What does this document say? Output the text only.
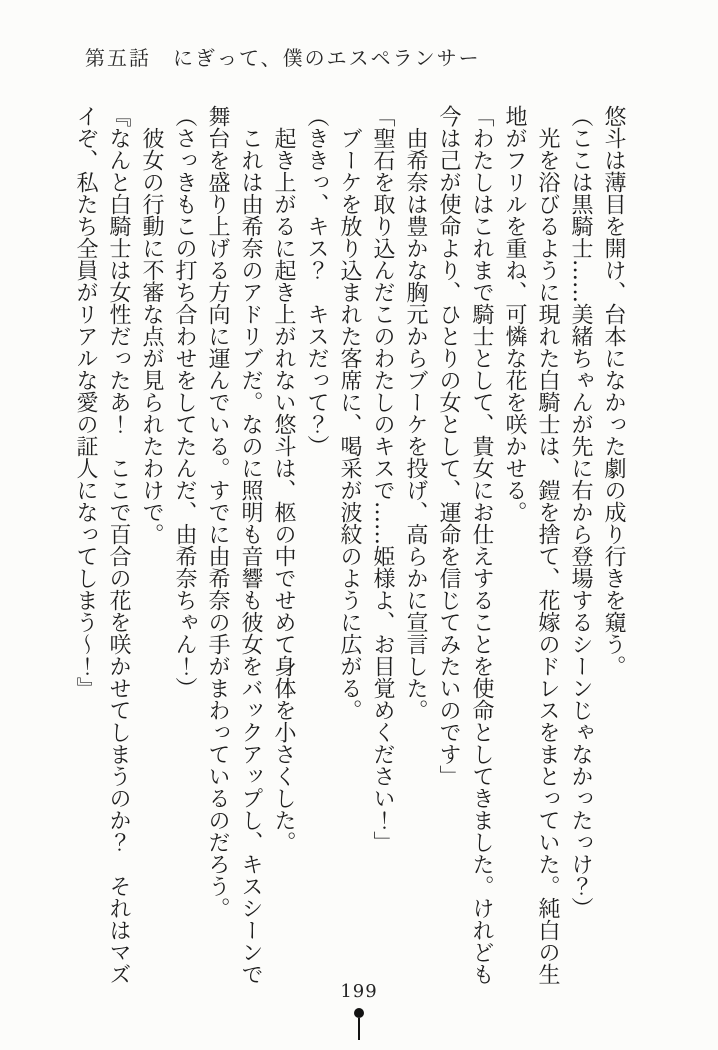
第五話　にぎって、僕のエスペランサー

悠斗は薄目を開け、台本になかった劇の成り行きを窺う。

（ここは黒騎士……美緒ちゃんが先に右から登場するシーンじゃなかったっけ？）

光を浴びるように現れた白騎士は、鎧を捨て、花嫁のドレスをまとっていた。純白の生地がフリルを重ね、可憐な花を咲かせる。

「わたしはこれまで騎士として、貴女にお仕えすることを使命としてきました。けれども今は己が使命より、ひとりの女として、運命を信じてみたいのです」

由希奈は豊かな胸元からブーケを投げ、高らかに宣言した。

「聖石を取り込んだこのわたしのキスで……姫様よ、お目覚めください！」

ブーケを放り込まれた客席に、喝采が波紋のように広がる。

（ききっ、キス？　キスだって？）

起き上がるに起き上がれない悠斗は、柩の中でせめて身体を小さくした。

これは由希奈のアドリブだ。なのに照明も音響も彼女をバックアップし、キスシーンで舞台を盛り上げる方向に運んでいる。すでに由希奈の手がまわっているのだろう。

（さっきもこの打ち合わせをしてたんだ、由希奈ちゃん！）

彼女の行動に不審な点が見られたわけで。

『なんと白騎士は女性だったあ！　ここで百合の花を咲かせてしまうのか？　それはマズイぞ、私たち全員がリアルな愛の証人になってしまう～！』

199
